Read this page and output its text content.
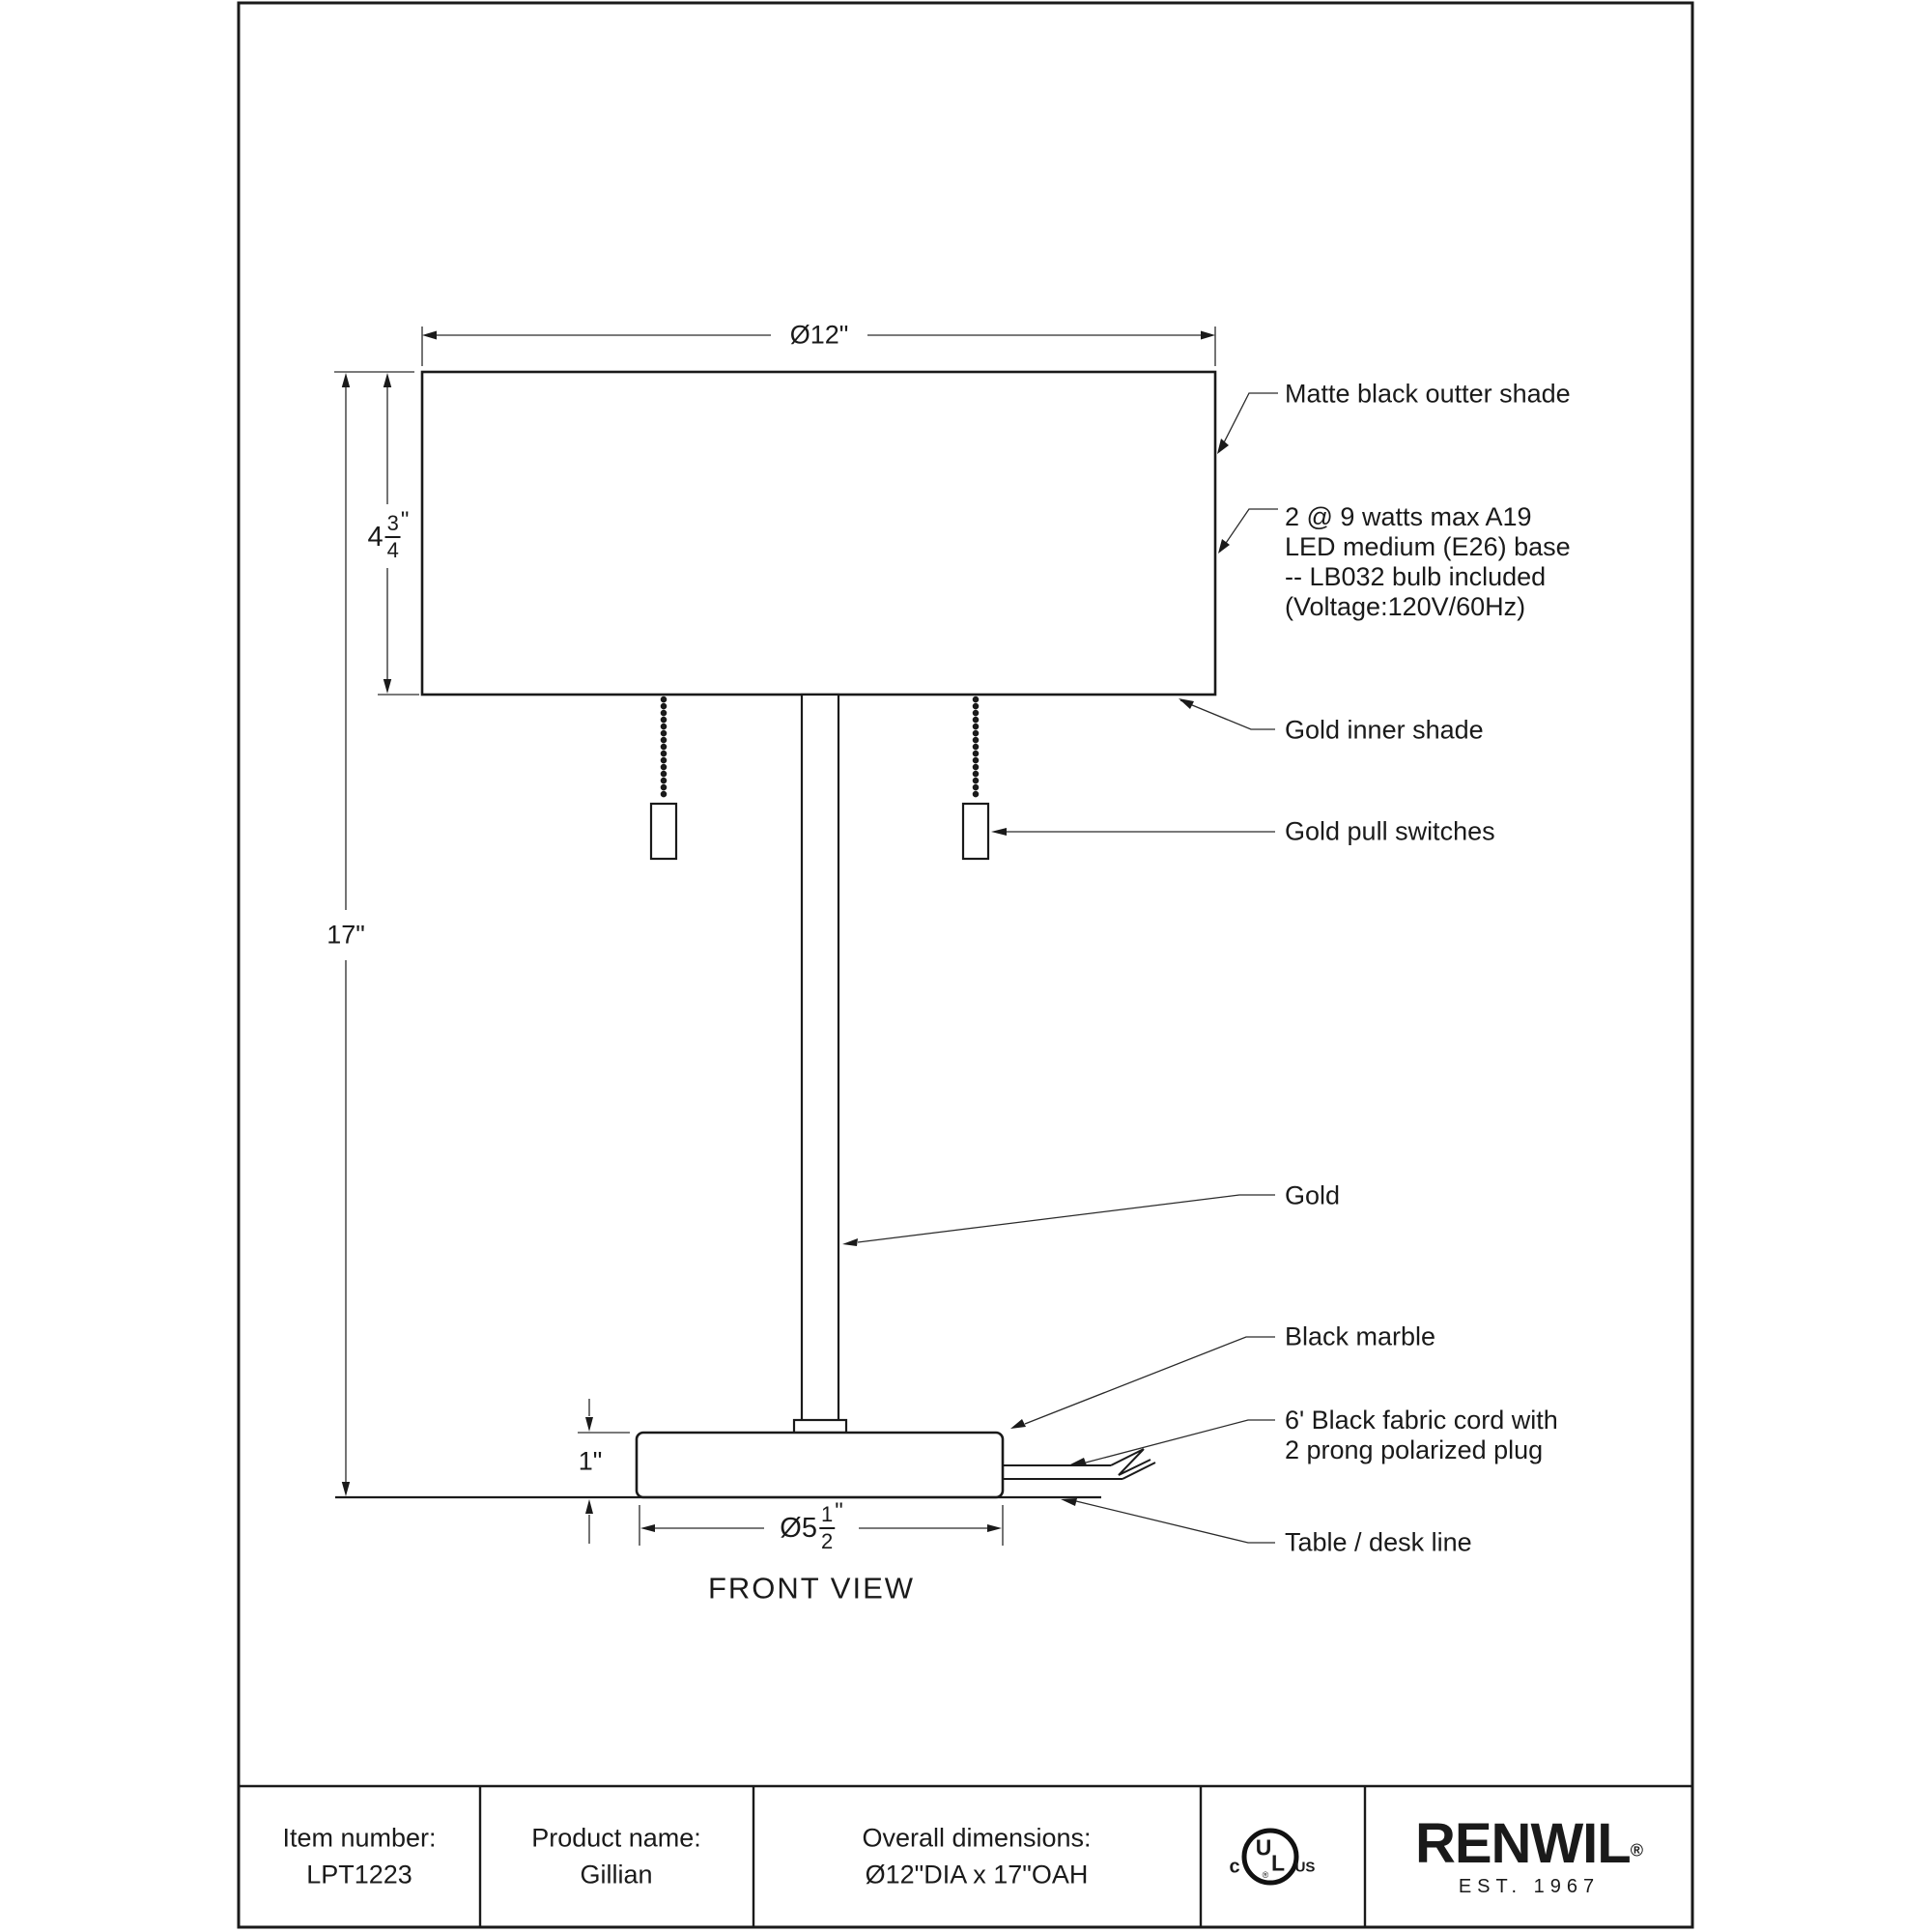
Ø12"
17"
1"
$4 \frac{3}{4}$ "
Ø5 $\frac{1}{2}$ "
Matte black outter shade
2 @ 9 watts max A19
LED medium (E26) base
-- LB032 bulb included
(Voltage:120V/60Hz)
Gold inner shade
Gold pull switches
Gold
Black marble
6' Black fabric cord with
2 prong polarized plug
Table / desk line
FRONT VIEW
Item number:
LPT1223
Product name:
Gillian
Overall dimensions:
Ø12"DIA x 17"OAH	c
U
L
® US	RENWIL®
EST. 1967
